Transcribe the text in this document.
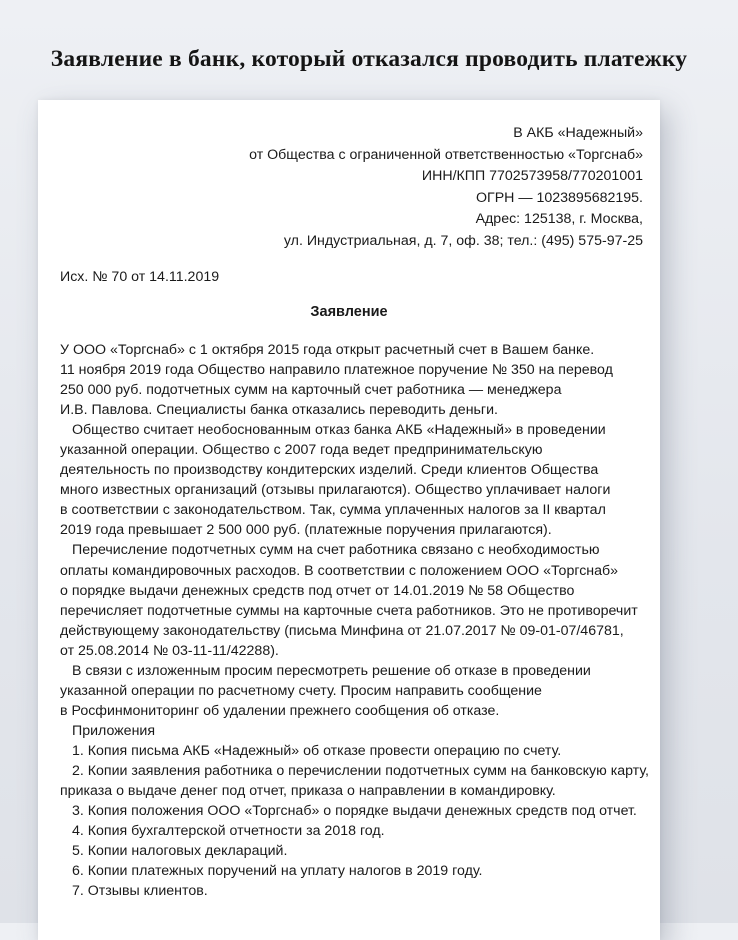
Заявление в банк, который отказался проводить платежку
В АКБ «Надежный»
от Общества с ограниченной ответственностью «Торгснаб»
ИНН/КПП 7702573958/770201001
ОГРН — 1023895682195.
Адрес: 125138, г. Москва,
ул. Индустриальная, д. 7, оф. 38; тел.: (495) 575-97-25
Исх. № 70 от 14.11.2019
Заявление

У ООО «Торгснаб» с 1 октября 2015 года открыт расчетный счет в Вашем банке.

11 ноября 2019 года Общество направило платежное поручение № 350 на перевод

250 000 руб. подотчетных сумм на карточный счет работника — менеджера

И.В. Павлова. Специалисты банка отказались переводить деньги.

Общество считает необоснованным отказ банка АКБ «Надежный» в проведении

указанной операции. Общество с 2007 года ведет предпринимательскую

деятельность по производству кондитерских изделий. Среди клиентов Общества

много известных организаций (отзывы прилагаются). Общество уплачивает налоги

в соответствии с законодательством. Так, сумма уплаченных налогов за II квартал

2019 года превышает 2 500 000 руб. (платежные поручения прилагаются).

Перечисление подотчетных сумм на счет работника связано с необходимостью

оплаты командировочных расходов. В соответствии с положением ООО «Торгснаб»

о порядке выдачи денежных средств под отчет от 14.01.2019 № 58 Общество

перечисляет подотчетные суммы на карточные счета работников. Это не противоречит

действующему законодательству (письма Минфина от 21.07.2017 № 09-01-07/46781,

от 25.08.2014 № 03-11-11/42288).

В связи с изложенным просим пересмотреть решение об отказе в проведении

указанной операции по расчетному счету. Просим направить сообщение

в Росфинмониторинг об удалении прежнего сообщения об отказе.

Приложения

1. Копия письма АКБ «Надежный» об отказе провести операцию по счету.

2. Копии заявления работника о перечислении подотчетных сумм на банковскую карту,

приказа о выдаче денег под отчет, приказа о направлении в командировку.

3. Копия положения ООО «Торгснаб» о порядке выдачи денежных средств под отчет.

4. Копия бухгалтерской отчетности за 2018 год.

5. Копии налоговых деклараций.

6. Копии платежных поручений на уплату налогов в 2019 году.

7. Отзывы клиентов.
